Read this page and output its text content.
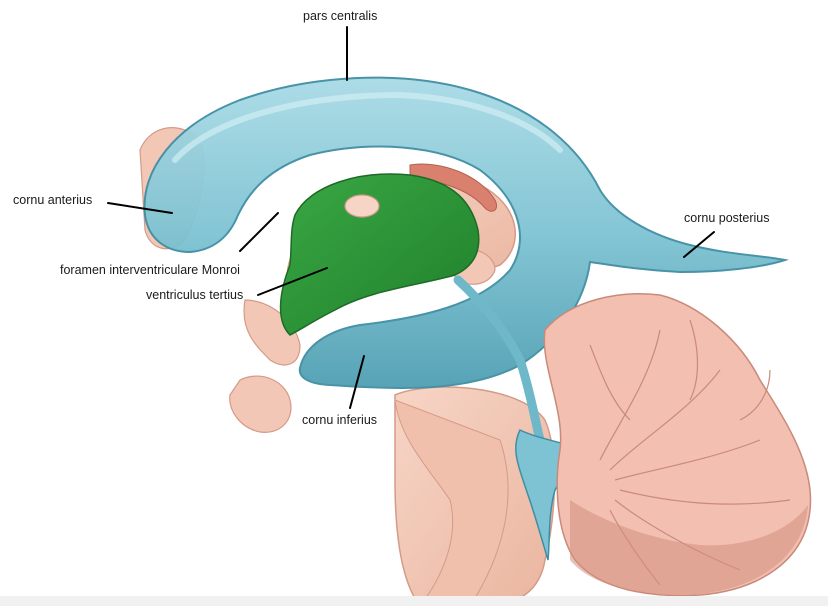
pars centralis
cornu anterius
foramen interventriculare Monroi
ventriculus tertius
cornu posterius
cornu inferius
